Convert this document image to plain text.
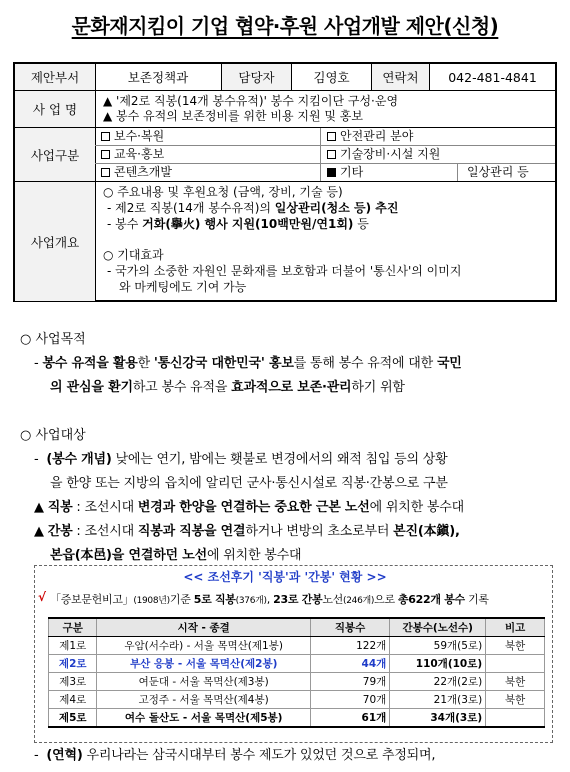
문화재지킴이 기업 협약·후원 사업개발 제안(신청)
제안부서	보존정책과	담당자	김영호	연락처	042-481-4841
사 업 명
▲ '제2로 직봉(14개 봉수유적)' 봉수 지킴이단 구성·운영
▲ 봉수 유적의 보존정비를 위한 비용 지원 및 홍보
사업구분
보수·복원	안전관리 분야
교육·홍보	기술장비·시설 지원
콘텐츠개발	기타	일상관리 등
사업개요
○ 주요내용 및 후원요청 (금액, 장비, 기술 등)
- 제2로 직봉(14개 봉수유적)의 일상관리(청소 등) 추진
- 봉수 거화(擧火) 행사 지원(10백만원/연1회) 등
○ 기대효과
- 국가의 소중한 자원인 문화재를 보호함과 더불어 '통신사'의 이미지
와 마케팅에도 기여 가능
○ 사업목적
- 봉수 유적을 활용한 '통신강국 대한민국' 홍보를 통해 봉수 유적에 대한 국민
의 관심을 환기하고 봉수 유적을 효과적으로 보존·관리하기 위함
○ 사업대상
-  (봉수 개념) 낮에는 연기, 밤에는 횃불로 변경에서의 왜적 침입 등의 상황
을 한양 또는 지방의 읍치에 알리던 군사·통신시설로 직봉·간봉으로 구분
▲ 직봉 : 조선시대 변경과 한양을 연결하는 중요한 근본 노선에 위치한 봉수대
▲ 간봉 : 조선시대 직봉과 직봉을 연결하거나 변방의 초소로부터 본진(本鎭),
본읍(本邑)을 연결하던 노선에 위치한 봉수대
<< 조선후기 '직봉'과 '간봉' 현황 >>
√ 「증보문헌비고」(1908년)기준 5로 직봉(376개), 23로 간봉노선(246개)으로 총622개 봉수 기록
구분	시작 - 종결	직봉수	간봉수(노선수)	비고
제1로	우암(서수라) - 서울 목멱산(제1봉)	122개	59개(5로)	북한
제2로	부산 응봉 - 서울 목멱산(제2봉)	44개	110개(10로)	
제3로	여둔대 - 서울 목멱산(제3봉)	79개	22개(2로)	북한
제4로	고정주 - 서울 목멱산(제4봉)	70개	21개(3로)	북한
제5로	여수 돌산도 - 서울 목멱산(제5봉)	61개	34개(3로)	
-  (연혁) 우리나라는 삼국시대부터 봉수 제도가 있었던 것으로 추정되며,
